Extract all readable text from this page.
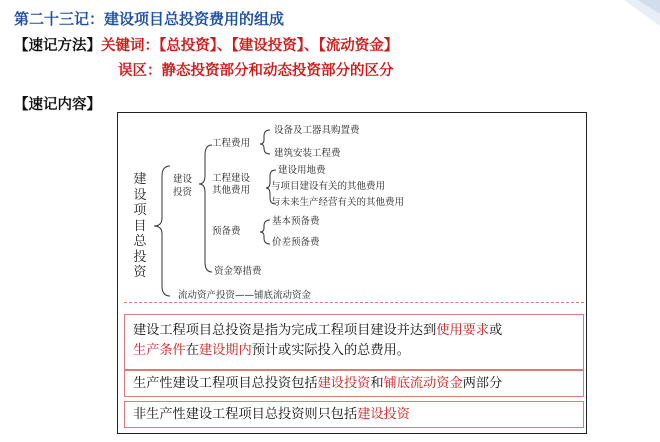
第二十三记：建设项目总投资费用的组成
【速记方法】关键词：【总投资】、【建设投资】、【流动资金】
误区：静态投资部分和动态投资部分的区分
【速记内容】
建设项目总投资
建设投资
工程费用
设备及工器具购置费
建筑安装工程费
工程建设
其他费用
建设用地费
与项目建设有关的其他费用
与未来生产经营有关的其他费用
预备费
基本预备费
价差预备费
资金筹措费
流动资产投资——铺底流动资金
建设工程项目总投资是指为完成工程项目建设并达到使用要求或
生产条件在建设期内预计或实际投入的总费用。
生产性建设工程项目总投资包括建设投资和铺底流动资金两部分
非生产性建设工程项目总投资则只包括建设投资
